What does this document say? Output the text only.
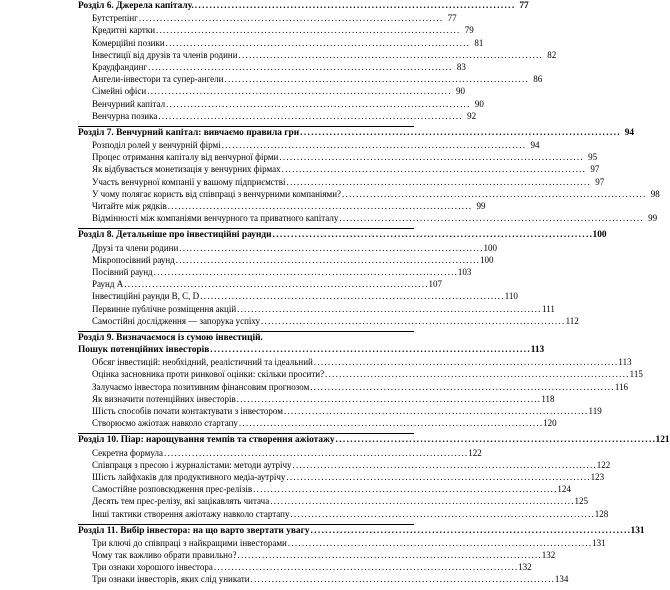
Розділ 6. Джерела капіталу. . . .	77
Бутстрепінг . . .	77
Кредитні картки . . .	79
Комерційні позики . . .	81
Інвестиції від друзів та членів родини . . .	82
Краудфандинг . . .	83
Ангели-інвестори та супер-ангели . . .	86
Сімейні офіси . . .	90
Венчурний капітал . . .	90
Венчурна позика . . .	92
Розділ 7. Венчурний капітал: вивчаємо правила гри . . .	94
Розподіл ролей у венчурній фірмі . . .	94
Процес отримання капіталу від венчурної фірми . . .	95
Як відбувається монетизація у венчурних фірмах . . .	97
Участь венчурної компанії у вашому підприємстві . . .	97
У чому полягає користь від співпраці з венчурними компаніями? . . .	98
Читайте між рядків . . .	99
Відмінності між компаніями венчурного та приватного капіталу . . .	99
Розділ 8. Детальніше про інвестиційні раунди . . .	100
Друзі та члени родини . . .	100
Мікропосівний раунд . . .	100
Посівний раунд . . .	103
Раунд A . . .	107
Інвестиційні раунди B, C, D . . .	110
Первинне публічне розміщення акцій . . .	111
Самостійні дослідження — запорука успіху . . .	112
Розділ 9. Визначаємося із сумою інвестицій.
Пошук потенційних інвесторів . . .	113
Обсяг інвестицій: необхідний, реалістичний та ідеальний . . .	113
Оцінка засновника проти ринкової оцінки: скільки просити? . . .	115
Залучаємо інвестора позитивним фінансовим прогнозом . . .	116
Як визначити потенційних інвесторів . . .	118
Шість способів почати контактувати з інвестором . . .	119
Створюємо ажіотаж навколо стартапу . . .	120
Розділ 10. Піар: нарощування темпів та створення ажіотажу . . .	121
Секретна формула . . .	122
Співпраця з пресою і журналістами: методи аутрічу . . .	122
Шість лайфхаків для продуктивного медіа-аутрічу . . .	123
Самостійне розповсюдження прес-релізів . . .	124
Десять тем прес-релізу, які зацікавлять читача . . .	125
Інші тактики створення ажіотажу навколо стартапу . . .	128
Розділ 11. Вибір інвестора: на що варто звертати увагу . . .	131
Три ключі до співпраці з найкращими інвесторами . . .	131
Чому так важливо обрати правильно? . . .	132
Три ознаки хорошого інвестора . . .	132
Три ознаки інвесторів, яких слід уникати . . .	134
